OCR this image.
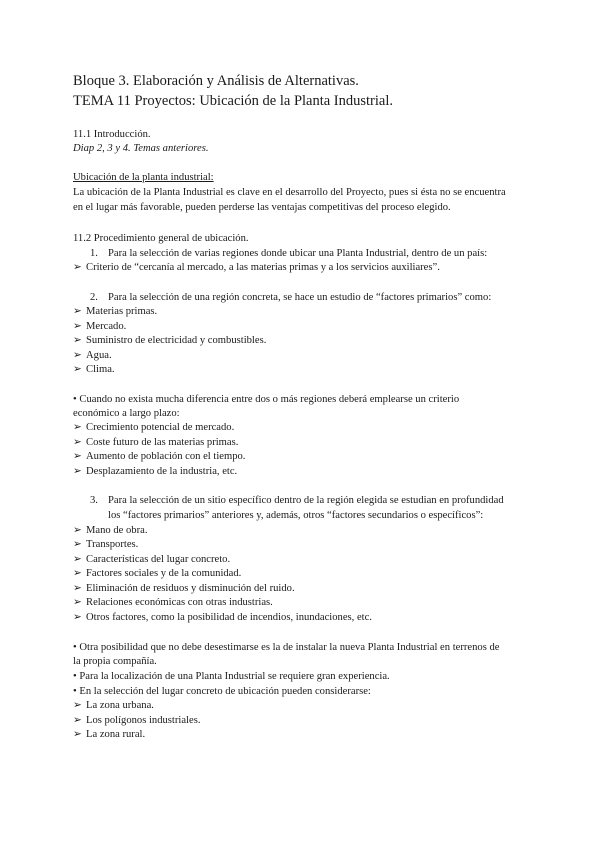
Bloque 3. Elaboración y Análisis de Alternativas.
TEMA 11 Proyectos: Ubicación de la Planta Industrial.
11.1 Introducción.
Diap 2, 3 y 4. Temas anteriores.
Ubicación de la planta industrial:
La ubicación de la Planta Industrial es clave en el desarrollo del Proyecto, pues si ésta no se encuentra
en el lugar más favorable, pueden perderse las ventajas competitivas del proceso elegido.
11.2 Procedimiento general de ubicación.
1. Para la selección de varias regiones donde ubicar una Planta Industrial, dentro de un país:
➢ Criterio de “cercanía al mercado, a las materias primas y a los servicios auxiliares”.
2. Para la selección de una región concreta, se hace un estudio de “factores primarios” como:
➢ Materias primas.
➢ Mercado.
➢ Suministro de electricidad y combustibles.
➢ Agua.
➢ Clima.
• Cuando no exista mucha diferencia entre dos o más regiones deberá emplearse un criterio
económico a largo plazo:
➢ Crecimiento potencial de mercado.
➢ Coste futuro de las materias primas.
➢ Aumento de población con el tiempo.
➢ Desplazamiento de la industria, etc.
3. Para la selección de un sitio específico dentro de la región elegida se estudian en profundidad
los “factores primarios” anteriores y, además, otros “factores secundarios o específicos”:
➢ Mano de obra.
➢ Transportes.
➢ Características del lugar concreto.
➢ Factores sociales y de la comunidad.
➢ Eliminación de residuos y disminución del ruido.
➢ Relaciones económicas con otras industrias.
➢ Otros factores, como la posibilidad de incendios, inundaciones, etc.
• Otra posibilidad que no debe desestimarse es la de instalar la nueva Planta Industrial en terrenos de
la propia compañía.
• Para la localización de una Planta Industrial se requiere gran experiencia.
• En la selección del lugar concreto de ubicación pueden considerarse:
➢ La zona urbana.
➢ Los polígonos industriales.
➢ La zona rural.
